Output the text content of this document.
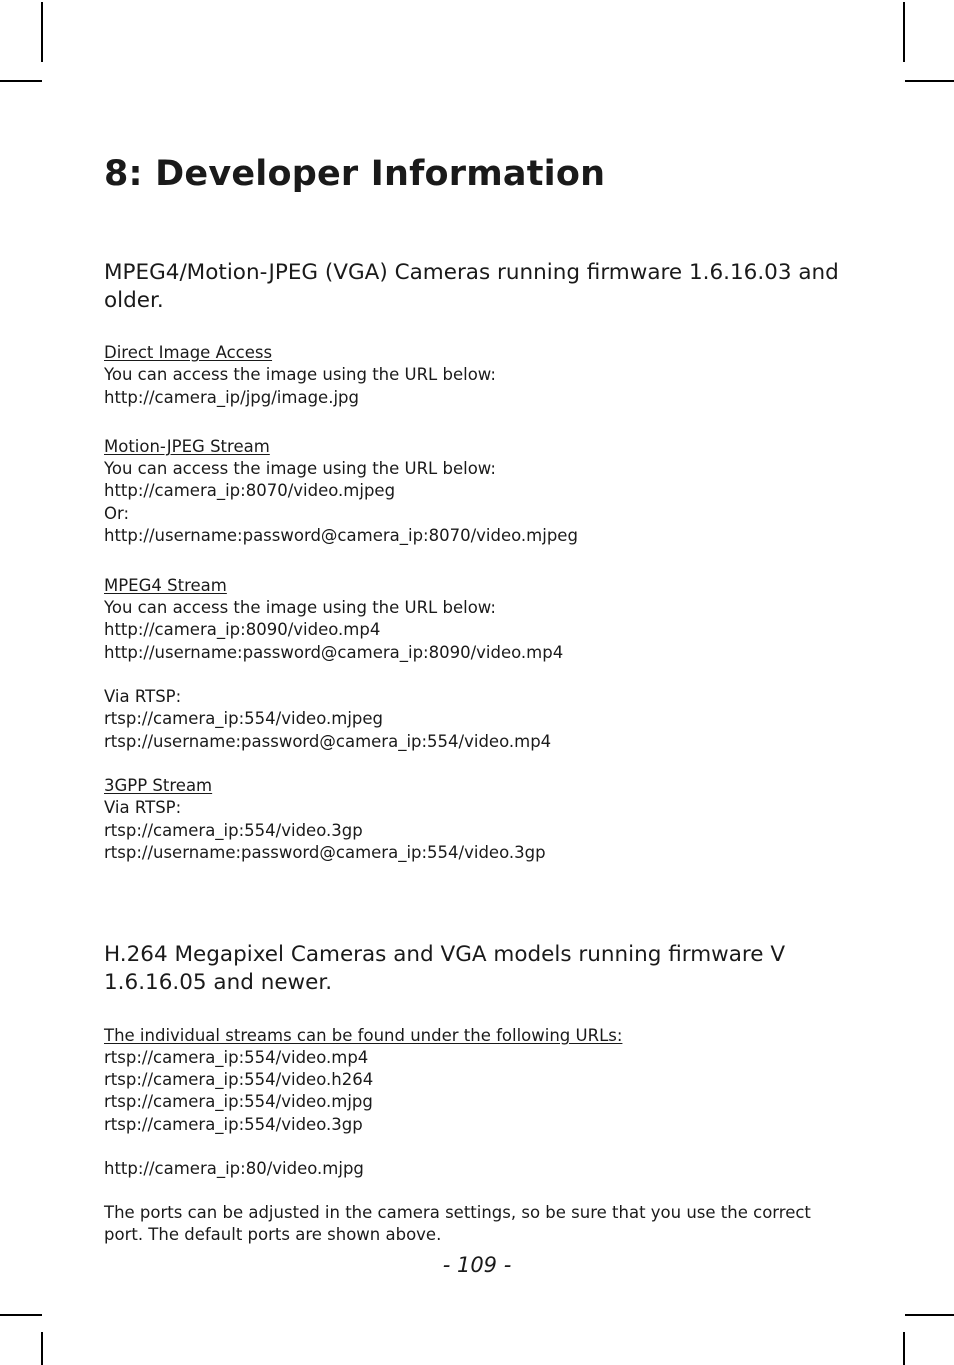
8: Developer Information
MPEG4/Motion-JPEG (VGA) Cameras running firmware 1.6.16.03 and older.
Direct Image Access
You can access the image using the URL below:
http://camera_ip/jpg/image.jpg
Motion-JPEG Stream
You can access the image using the URL below:
http://camera_ip:8070/video.mjpeg
Or:
http://username:password@camera_ip:8070/video.mjpeg
MPEG4 Stream
You can access the image using the URL below:
http://camera_ip:8090/video.mp4
http://username:password@camera_ip:8090/video.mp4
Via RTSP:
rtsp://camera_ip:554/video.mjpeg
rtsp://username:password@camera_ip:554/video.mp4
3GPP Stream
Via RTSP:
rtsp://camera_ip:554/video.3gp
rtsp://username:password@camera_ip:554/video.3gp
H.264 Megapixel Cameras and VGA models running firmware V 1.6.16.05 and newer.
The individual streams can be found under the following URLs:
rtsp://camera_ip:554/video.mp4
rtsp://camera_ip:554/video.h264
rtsp://camera_ip:554/video.mjpg
rtsp://camera_ip:554/video.3gp
http://camera_ip:80/video.mjpg
The ports can be adjusted in the camera settings, so be sure that you use the correct port. The default ports are shown above.
- 109 -
